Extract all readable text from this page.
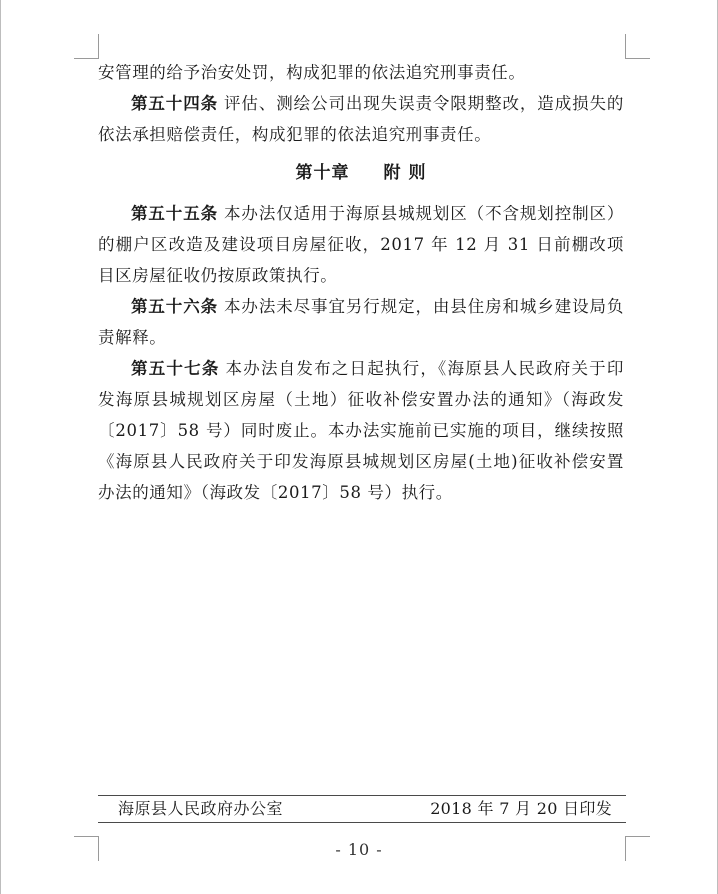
安管理的给予治安处罚，构成犯罪的依法追究刑事责任。

第五十四条 评估、测绘公司出现失误责令限期整改，造成损失的依法承担赔偿责任，构成犯罪的依法追究刑事责任。

第十章 附 则

第五十五条 本办法仅适用于海原县城规划区（不含规划控制区）的棚户区改造及建设项目房屋征收，2017 年 12 月 31 日前棚改项目区房屋征收仍按原政策执行。

第五十六条 本办法未尽事宜另行规定，由县住房和城乡建设局负责解释。

第五十七条 本办法自发布之日起执行，《海原县人民政府关于印发海原县城规划区房屋（土地）征收补偿安置办法的通知》（海政发〔2017〕58 号）同时废止。本办法实施前已实施的项目，继续按照《海原县人民政府关于印发海原县城规划区房屋(土地)征收补偿安置办法的通知》（海政发〔2017〕58 号）执行。

海原县人民政府办公室	2018 年 7 月 20 日印发
- 10 -
